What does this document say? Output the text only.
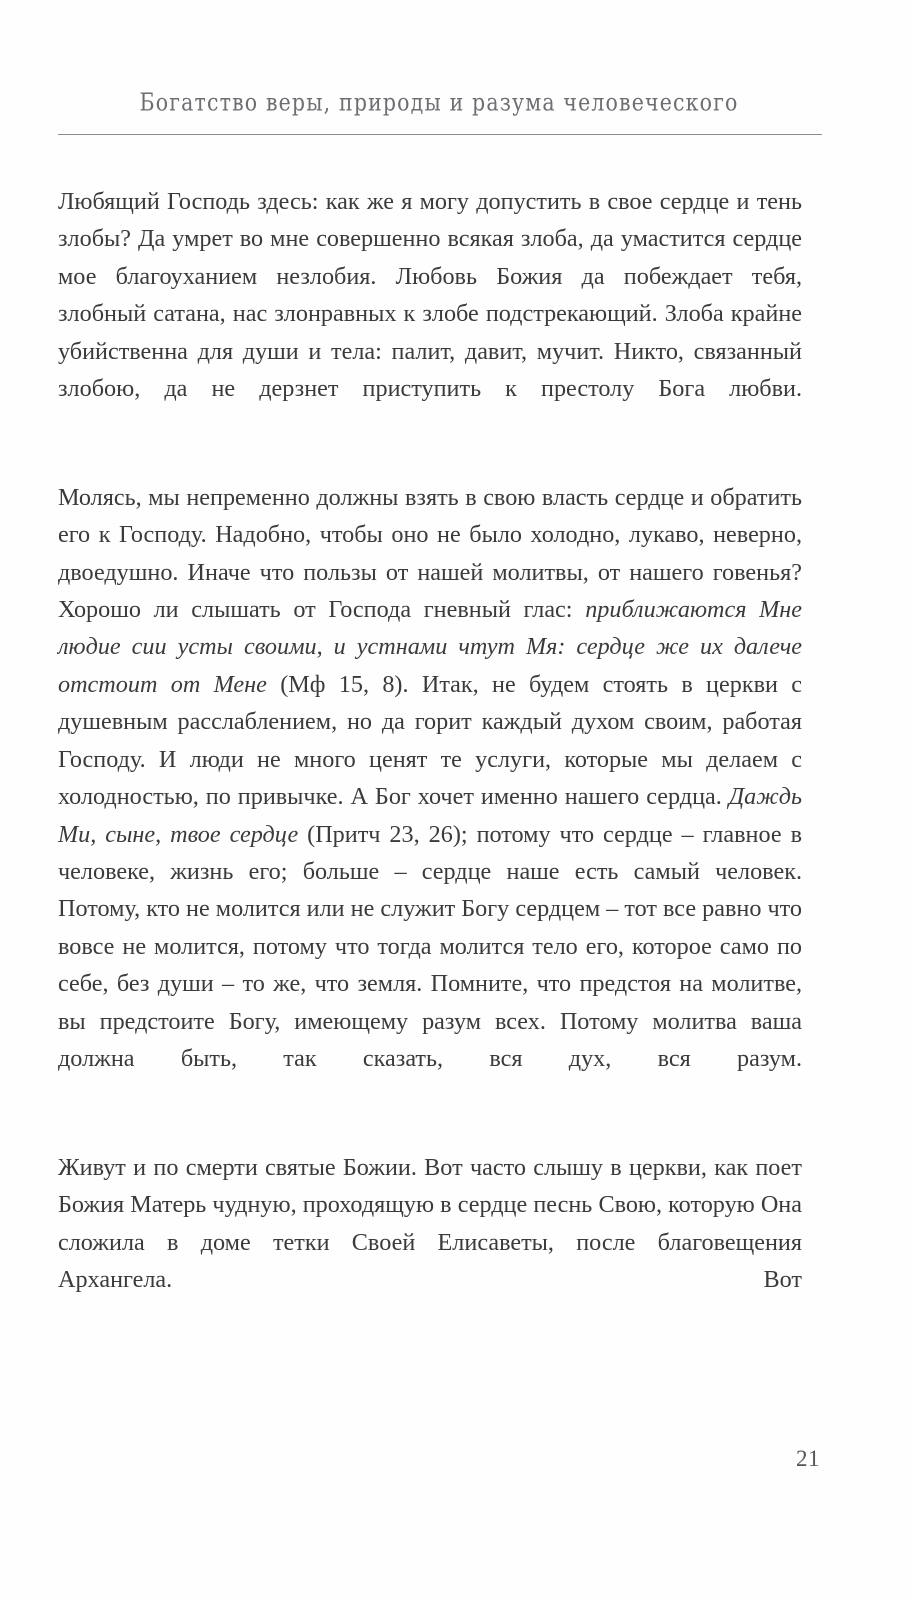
Богатство веры, природы и разума человеческого

Любящий Господь здесь: как же я могу допустить в свое сердце и тень злобы? Да умрет во мне совершенно всякая злоба, да умастится сердце мое благоуханием незлобия. Любовь Божия да побеждает тебя, злобный сатана, нас злонравных к злобе подстрекающий. Злоба крайне убийственна для души и тела: палит, давит, мучит. Никто, связанный злобою, да не дерзнет приступить к престолу Бога любви.

Молясь, мы непременно должны взять в свою власть сердце и обратить его к Господу. Надобно, чтобы оно не было холодно, лукаво, неверно, двоедушно. Иначе что пользы от нашей молитвы, от нашего говенья? Хорошо ли слышать от Господа гневный глас: приближаются Мне людие сии усты своими, и устнами чтут Мя: сердце же их далече отстоит от Мене (Мф 15, 8). Итак, не будем стоять в церкви с душевным расслаблением, но да горит каждый духом своим, работая Господу. И люди не много ценят те услуги, которые мы делаем с холодностью, по привычке. А Бог хочет именно нашего сердца. Даждь Ми, сыне, твое сердце (Притч 23, 26); потому что сердце – главное в человеке, жизнь его; больше – сердце наше есть самый человек. Потому, кто не молится или не служит Богу сердцем – тот все равно что вовсе не молится, потому что тогда молится тело его, которое само по себе, без души – то же, что земля. Помните, что предстоя на молитве, вы предстоите Богу, имеющему разум всех. Потому молитва ваша должна быть, так сказать, вся дух, вся разум.

Живут и по смерти святые Божии. Вот часто слышу в церкви, как поет Божия Матерь чудную, проходящую в сердце песнь Свою, которую Она сложила в доме тетки Своей Елисаветы, после благовещения Архангела. Вот

21
